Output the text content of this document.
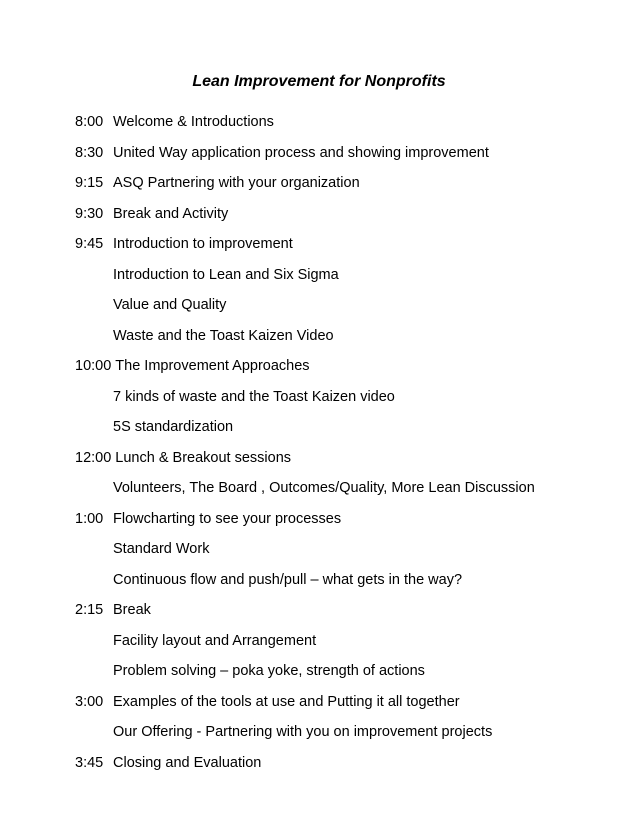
Lean Improvement for Nonprofits
8:00 Welcome & Introductions
8:30 United Way application process and showing improvement
9:15 ASQ Partnering with your organization
9:30 Break and Activity
9:45 Introduction to improvement
Introduction to Lean and Six Sigma
Value and Quality
Waste and the Toast Kaizen Video
10:00 The Improvement Approaches
7 kinds of waste and the Toast Kaizen video
5S standardization
12:00 Lunch & Breakout sessions
Volunteers, The Board , Outcomes/Quality, More Lean Discussion
1:00 Flowcharting to see your processes
Standard Work
Continuous flow and push/pull – what gets in the way?
2:15 Break
Facility layout and Arrangement
Problem solving – poka yoke, strength of actions
3:00 Examples of the tools at use and Putting it all together
Our Offering - Partnering with you on improvement projects
3:45 Closing and Evaluation
